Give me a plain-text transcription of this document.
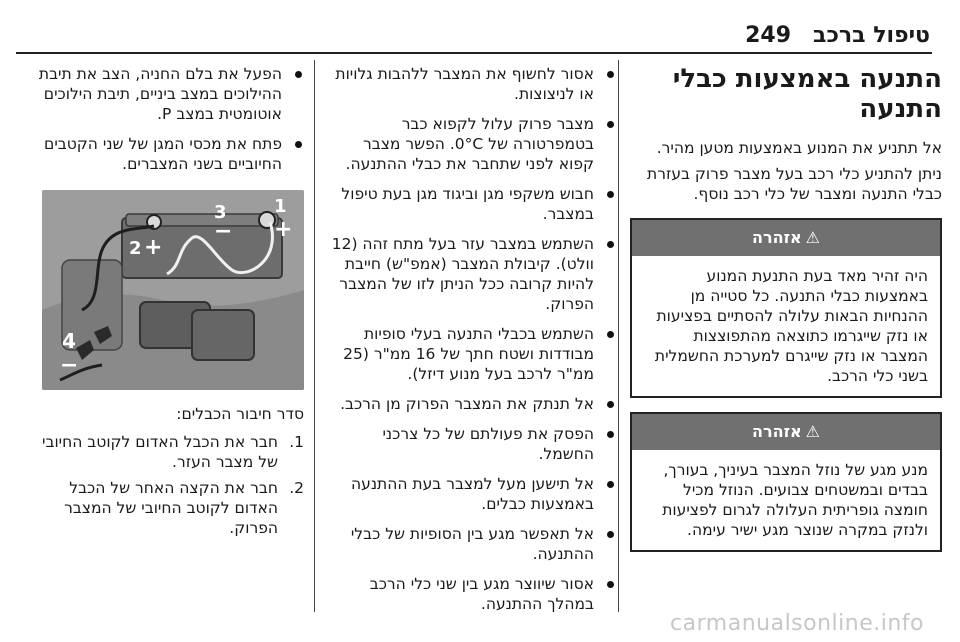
טיפול ברכב
249
התנעה באמצעות כבלי התנעה

אל תתניע את המנוע באמצעות מטען מהיר.

ניתן להתניע כלי רכב בעל מצבר פרוק בעזרת כבלי התנעה ומצבר של כלי רכב נוסף.

⚠אזהרה
היה זהיר מאד בעת התנעת המנוע באמצעות כבלי התנעה. כל סטייה מן ההנחיות הבאות עלולה להסתיים בפציעות או נזק שייגרמו כתוצאה מהתפוצצות המצבר או נזק שייגרם למערכת החשמלית בשני כלי הרכב.
⚠אזהרה
מנע מגע של נוזל המצבר בעיניך, בעורך, בבדים ובמשטחים צבועים. הנוזל מכיל חומצה גופריתית העלולה לגרום לפציעות ולנזק במקרה שנוצר מגע ישיר עימה.
אסור לחשוף את המצבר ללהבות גלויות או לניצוצות.
מצבר פרוק עלול לקפוא כבר בטמפרטורה של 0°C. הפשר מצבר קפוא לפני שתחבר את כבלי ההתנעה.
חבוש משקפי מגן וביגוד מגן בעת טיפול במצבר.
השתמש במצבר עזר בעל מתח זהה (12 וולט). קיבולת המצבר (אמפ"ש) חייבת להיות קרובה ככל הניתן לזו של המצבר הפרוק.
השתמש בכבלי התנעה בעלי סופיות מבודדות ושטח חתך של 16 ממ"ר (25 ממ"ר לרכב בעל מנוע דיזל).
אל תנתק את המצבר הפרוק מן הרכב.
הפסק את פעולתם של כל צרכני החשמל.
אל תישען מעל למצבר בעת ההתנעה באמצעות כבלים.
אל תאפשר מגע בין הסופיות של כבלי ההתנעה.
אסור שיווצר מגע בין שני כלי הרכב במהלך ההתנעה.
הפעל את בלם החניה, הצב את תיבת ההילוכים במצב ביניים, תיבת הילוכים אוטומטית במצב P.
פתח את מכסי המגן של שני הקטבים החיוביים בשני המצברים.
4
−
2 +
3
−
1
+

סדר חיבור הכבלים:

1.
חבר את הכבל האדום לקוטב החיובי של מצבר העזר.
2.
חבר את הקצה האחר של הכבל האדום לקוטב החיובי של המצבר הפרוק.
carmanualsonline.info
